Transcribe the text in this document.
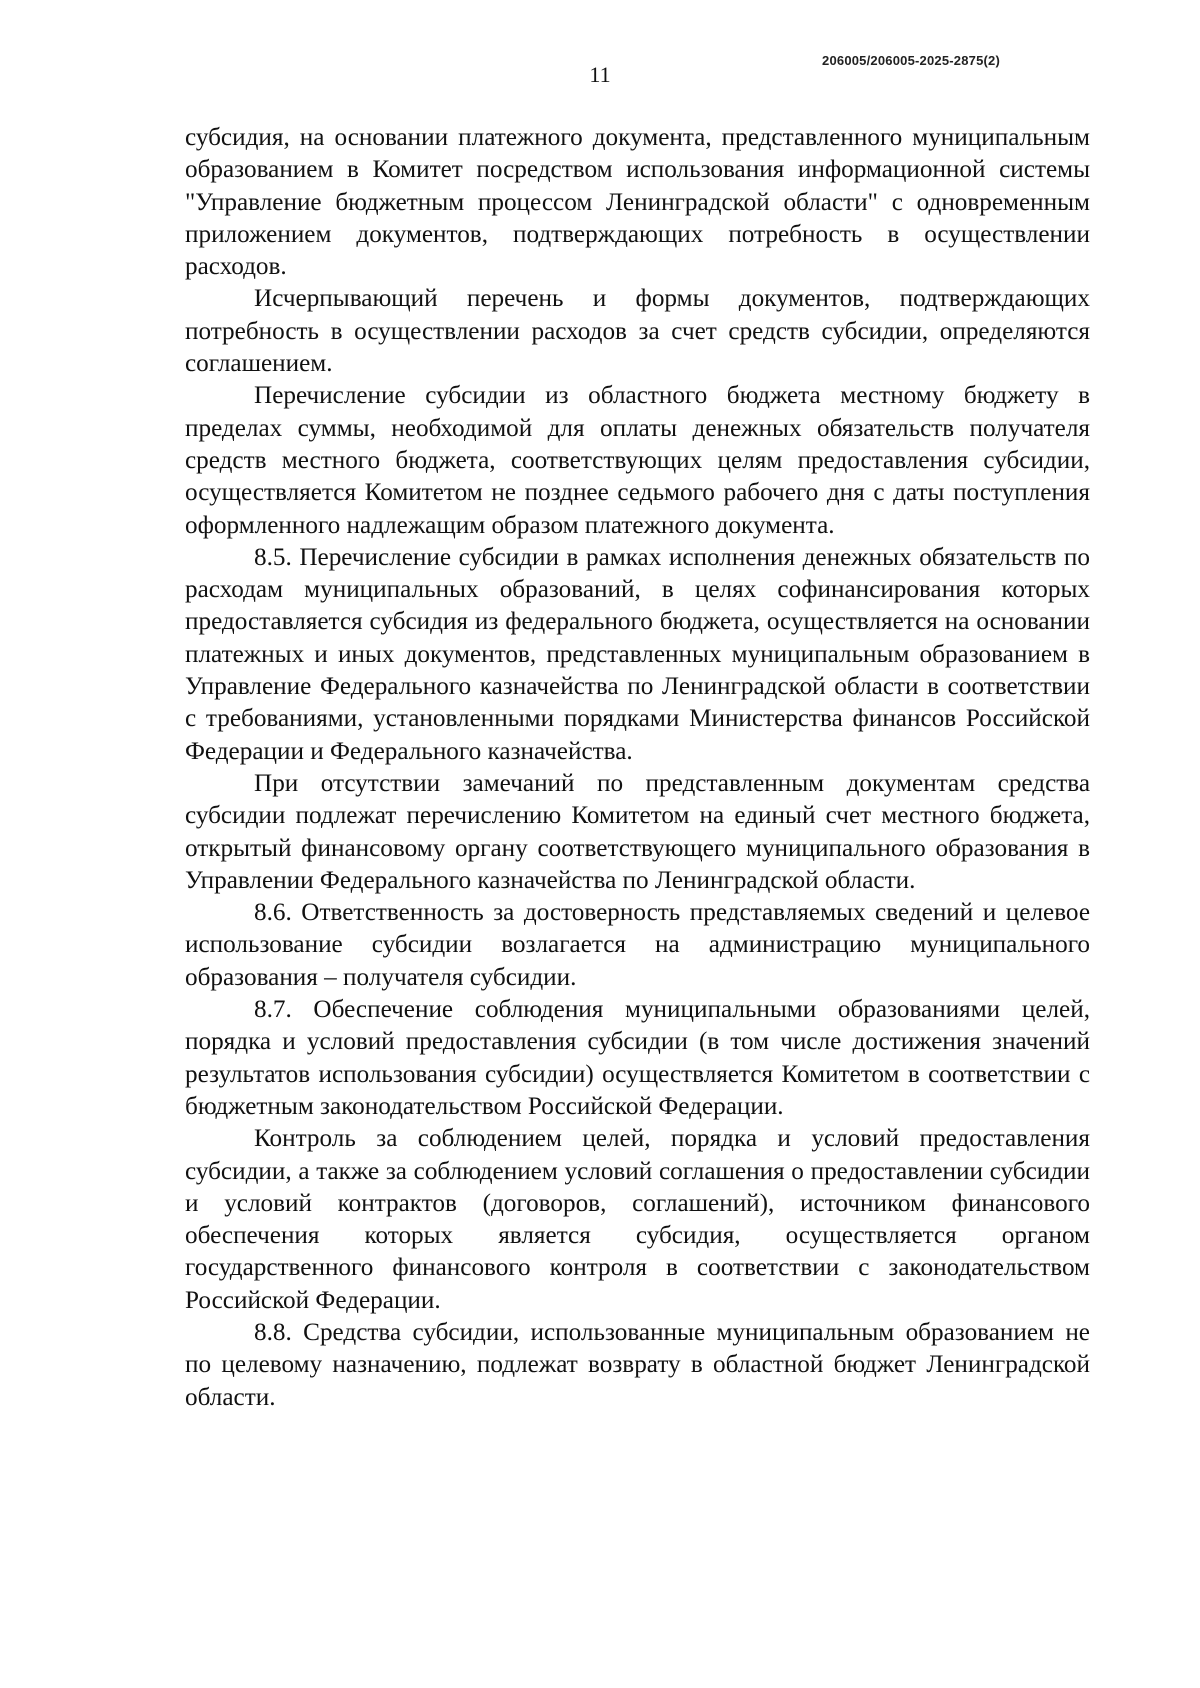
206005/206005-2025-2875(2)
11

субсидия, на основании платежного документа, представленного муниципальным образованием в Комитет посредством использования информационной системы "Управление бюджетным процессом Ленинградской области" с одновременным приложением документов, подтверждающих потребность в осуществлении расходов.

Исчерпывающий перечень и формы документов, подтверждающих потребность в осуществлении расходов за счет средств субсидии, определяются соглашением.

Перечисление субсидии из областного бюджета местному бюджету в пределах суммы, необходимой для оплаты денежных обязательств получателя средств местного бюджета, соответствующих целям предоставления субсидии, осуществляется Комитетом не позднее седьмого рабочего дня с даты поступления оформленного надлежащим образом платежного документа.

8.5. Перечисление субсидии в рамках исполнения денежных обязательств по расходам муниципальных образований, в целях софинансирования которых предоставляется субсидия из федерального бюджета, осуществляется на основании платежных и иных документов, представленных муниципальным образованием в Управление Федерального казначейства по Ленинградской области в соответствии с требованиями, установленными порядками Министерства финансов Российской Федерации и Федерального казначейства.

При отсутствии замечаний по представленным документам средства субсидии подлежат перечислению Комитетом на единый счет местного бюджета, открытый финансовому органу соответствующего муниципального образования в Управлении Федерального казначейства по Ленинградской области.

8.6. Ответственность за достоверность представляемых сведений и целевое использование субсидии возлагается на администрацию муниципального образования – получателя субсидии.

8.7. Обеспечение соблюдения муниципальными образованиями целей, порядка и условий предоставления субсидии (в том числе достижения значений результатов использования субсидии) осуществляется Комитетом в соответствии с бюджетным законодательством Российской Федерации.

Контроль за соблюдением целей, порядка и условий предоставления субсидии, а также за соблюдением условий соглашения о предоставлении субсидии и условий контрактов (договоров, соглашений), источником финансового обеспечения которых является субсидия, осуществляется органом государственного финансового контроля в соответствии с законодательством Российской Федерации.

8.8. Средства субсидии, использованные муниципальным образованием не по целевому назначению, подлежат возврату в областной бюджет Ленинградской области.
